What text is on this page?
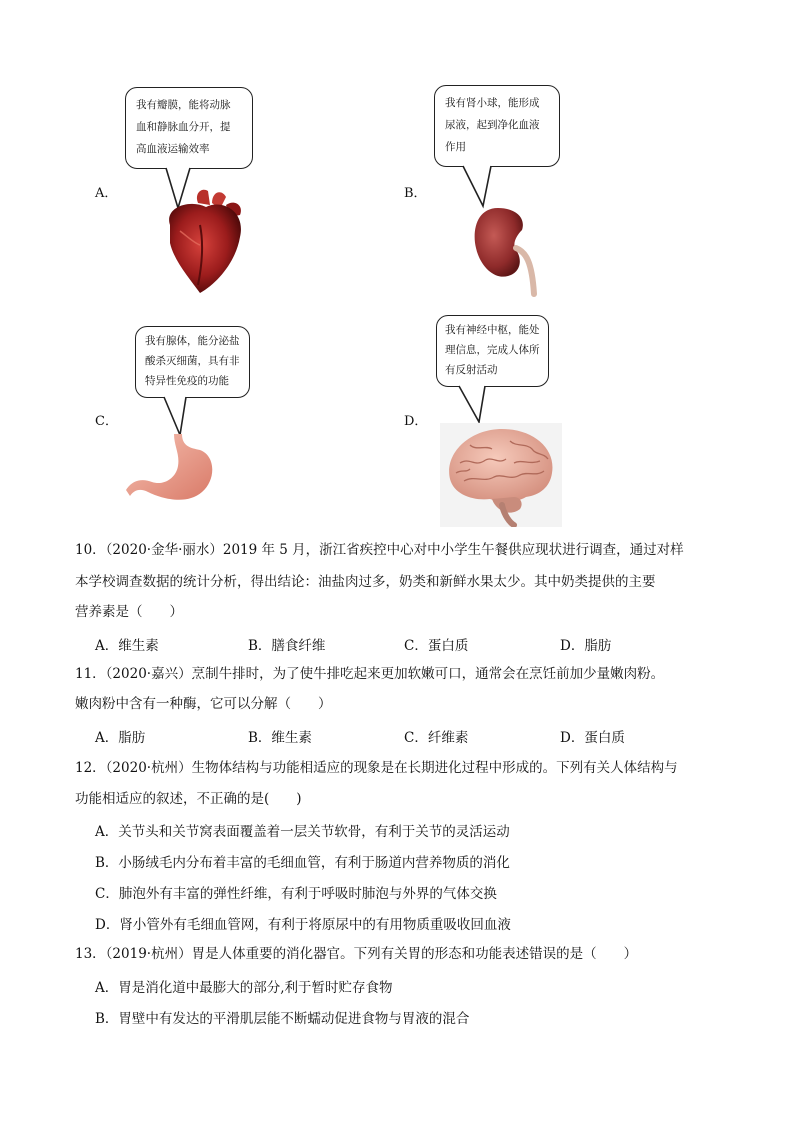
A．
我有瓣膜，能将动脉
血和静脉血分开，提
高血液运输效率
B．
我有肾小球，能形成
尿液，起到净化血液
作用
C．
我有腺体，能分泌盐
酸杀灭细菌，具有非
特异性免疫的功能
D．
我有神经中枢，能处
理信息，完成人体所
有反射活动
10．（2020·金华·丽水）2019 年 5 月，浙江省疾控中心对中小学生午餐供应现状进行调查，通过对样
本学校调查数据的统计分析，得出结论：油盐肉过多，奶类和新鲜水果太少。其中奶类提供的主要
营养素是（　　）
A．维生素	B．膳食纤维	C．蛋白质	D．脂肪
11．（2020·嘉兴）烹制牛排时，为了使牛排吃起来更加软嫩可口，通常会在烹饪前加少量嫩肉粉。
嫩肉粉中含有一种酶，它可以分解（　　）
A．脂肪	B．维生素	C．纤维素	D．蛋白质
12．（2020·杭州）生物体结构与功能相适应的现象是在长期进化过程中形成的。下列有关人体结构与
功能相适应的叙述，不正确的是(　　)
A．关节头和关节窝表面覆盖着一层关节软骨，有利于关节的灵活运动
B．小肠绒毛内分布着丰富的毛细血管，有利于肠道内营养物质的消化
C．肺泡外有丰富的弹性纤维，有利于呼吸时肺泡与外界的气体交换
D．肾小管外有毛细血管网，有利于将原尿中的有用物质重吸收回血液
13．（2019·杭州）胃是人体重要的消化器官。下列有关胃的形态和功能表述错误的是（　　）
A．胃是消化道中最膨大的部分,利于暂时贮存食物
B．胃壁中有发达的平滑肌层能不断蠕动促进食物与胃液的混合
